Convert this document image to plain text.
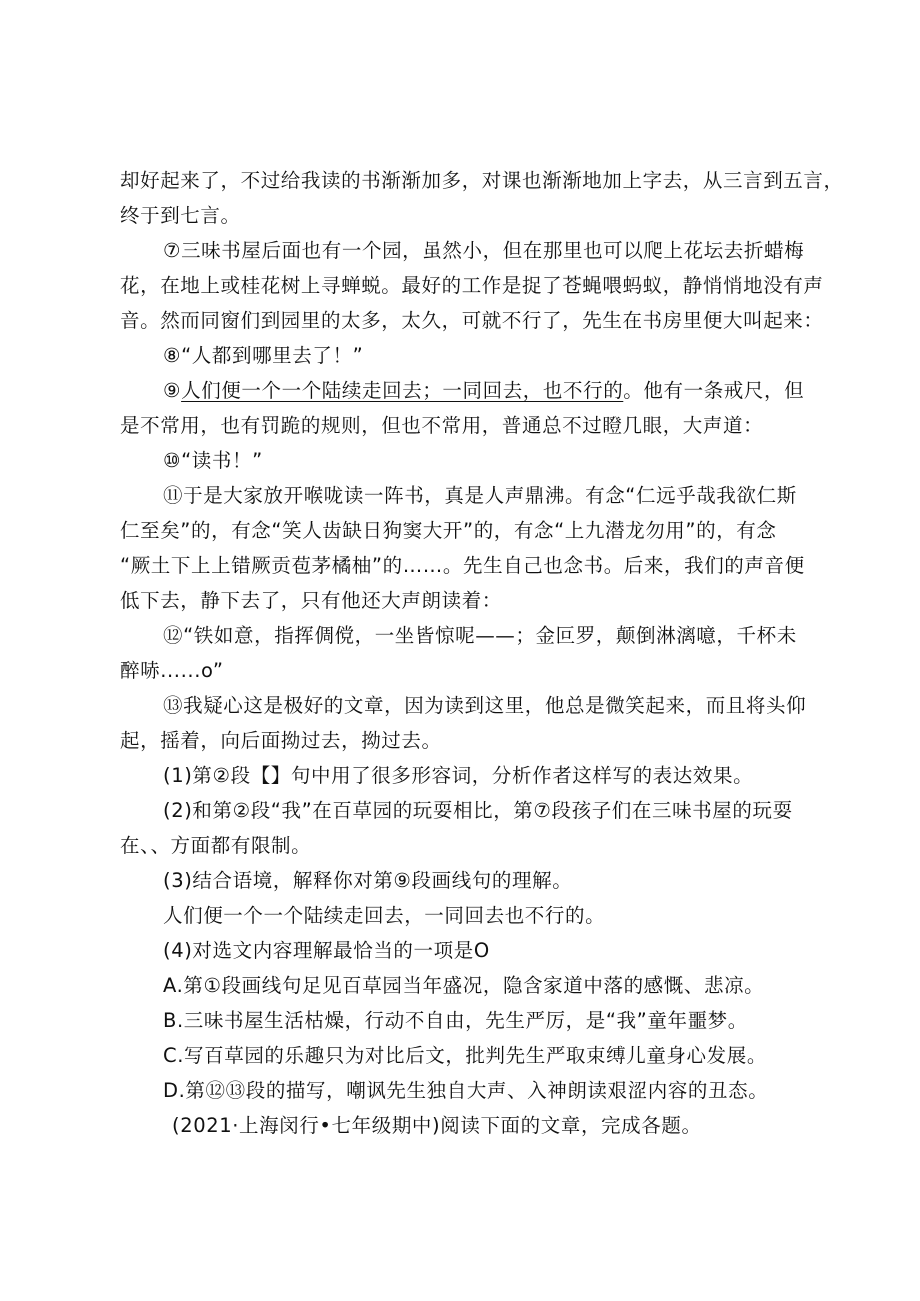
却好起来了，不过给我读的书渐渐加多，对课也渐渐地加上字去，从三言到五言，
终于到七言。
⑦三味书屋后面也有一个园，虽然小，但在那里也可以爬上花坛去折蜡梅
花，在地上或桂花树上寻蝉蜕。最好的工作是捉了苍蝇喂蚂蚁，静悄悄地没有声
音。然而同窗们到园里的太多，太久，可就不行了，先生在书房里便大叫起来：
⑧“人都到哪里去了！”
⑨人们便一个一个陆续走回去；一同回去，也不行的。他有一条戒尺，但
是不常用，也有罚跪的规则，但也不常用，普通总不过瞪几眼，大声道：
⑩“读书！”
⑪于是大家放开喉咙读一阵书，真是人声鼎沸。有念“仁远乎哉我欲仁斯
仁至矣”的，有念“笑人齿缺日狗窦大开”的，有念“上九潜龙勿用”的，有念
“厥土下上上错厥贡苞茅橘柚”的……。先生自己也念书。后来，我们的声音便
低下去，静下去了，只有他还大声朗读着：
⑫“铁如意，指挥倜傥，一坐皆惊呢——；金叵罗，颠倒淋漓噫，千杯未
醉哧......o”
⑬我疑心这是极好的文章，因为读到这里，他总是微笑起来，而且将头仰
起，摇着，向后面拗过去，拗过去。
(1)第②段【】句中用了很多形容词，分析作者这样写的表达效果。
(2)和第②段“我”在百草园的玩耍相比，第⑦段孩子们在三味书屋的玩耍
在、、方面都有限制。
(3)结合语境，解释你对第⑨段画线句的理解。
人们便一个一个陆续走回去，一同回去也不行的。
(4)对选文内容理解最恰当的一项是O
A.第①段画线句足见百草园当年盛况，隐含家道中落的感慨、悲凉。
B.三味书屋生活枯燥，行动不自由，先生严厉，是“我”童年噩梦。
C.写百草园的乐趣只为对比后文，批判先生严取束缚儿童身心发展。
D.第⑫⑬段的描写，嘲讽先生独自大声、入神朗读艰涩内容的丑态。
(2021·上海闵行•七年级期中)阅读下面的文章，完成各题。
